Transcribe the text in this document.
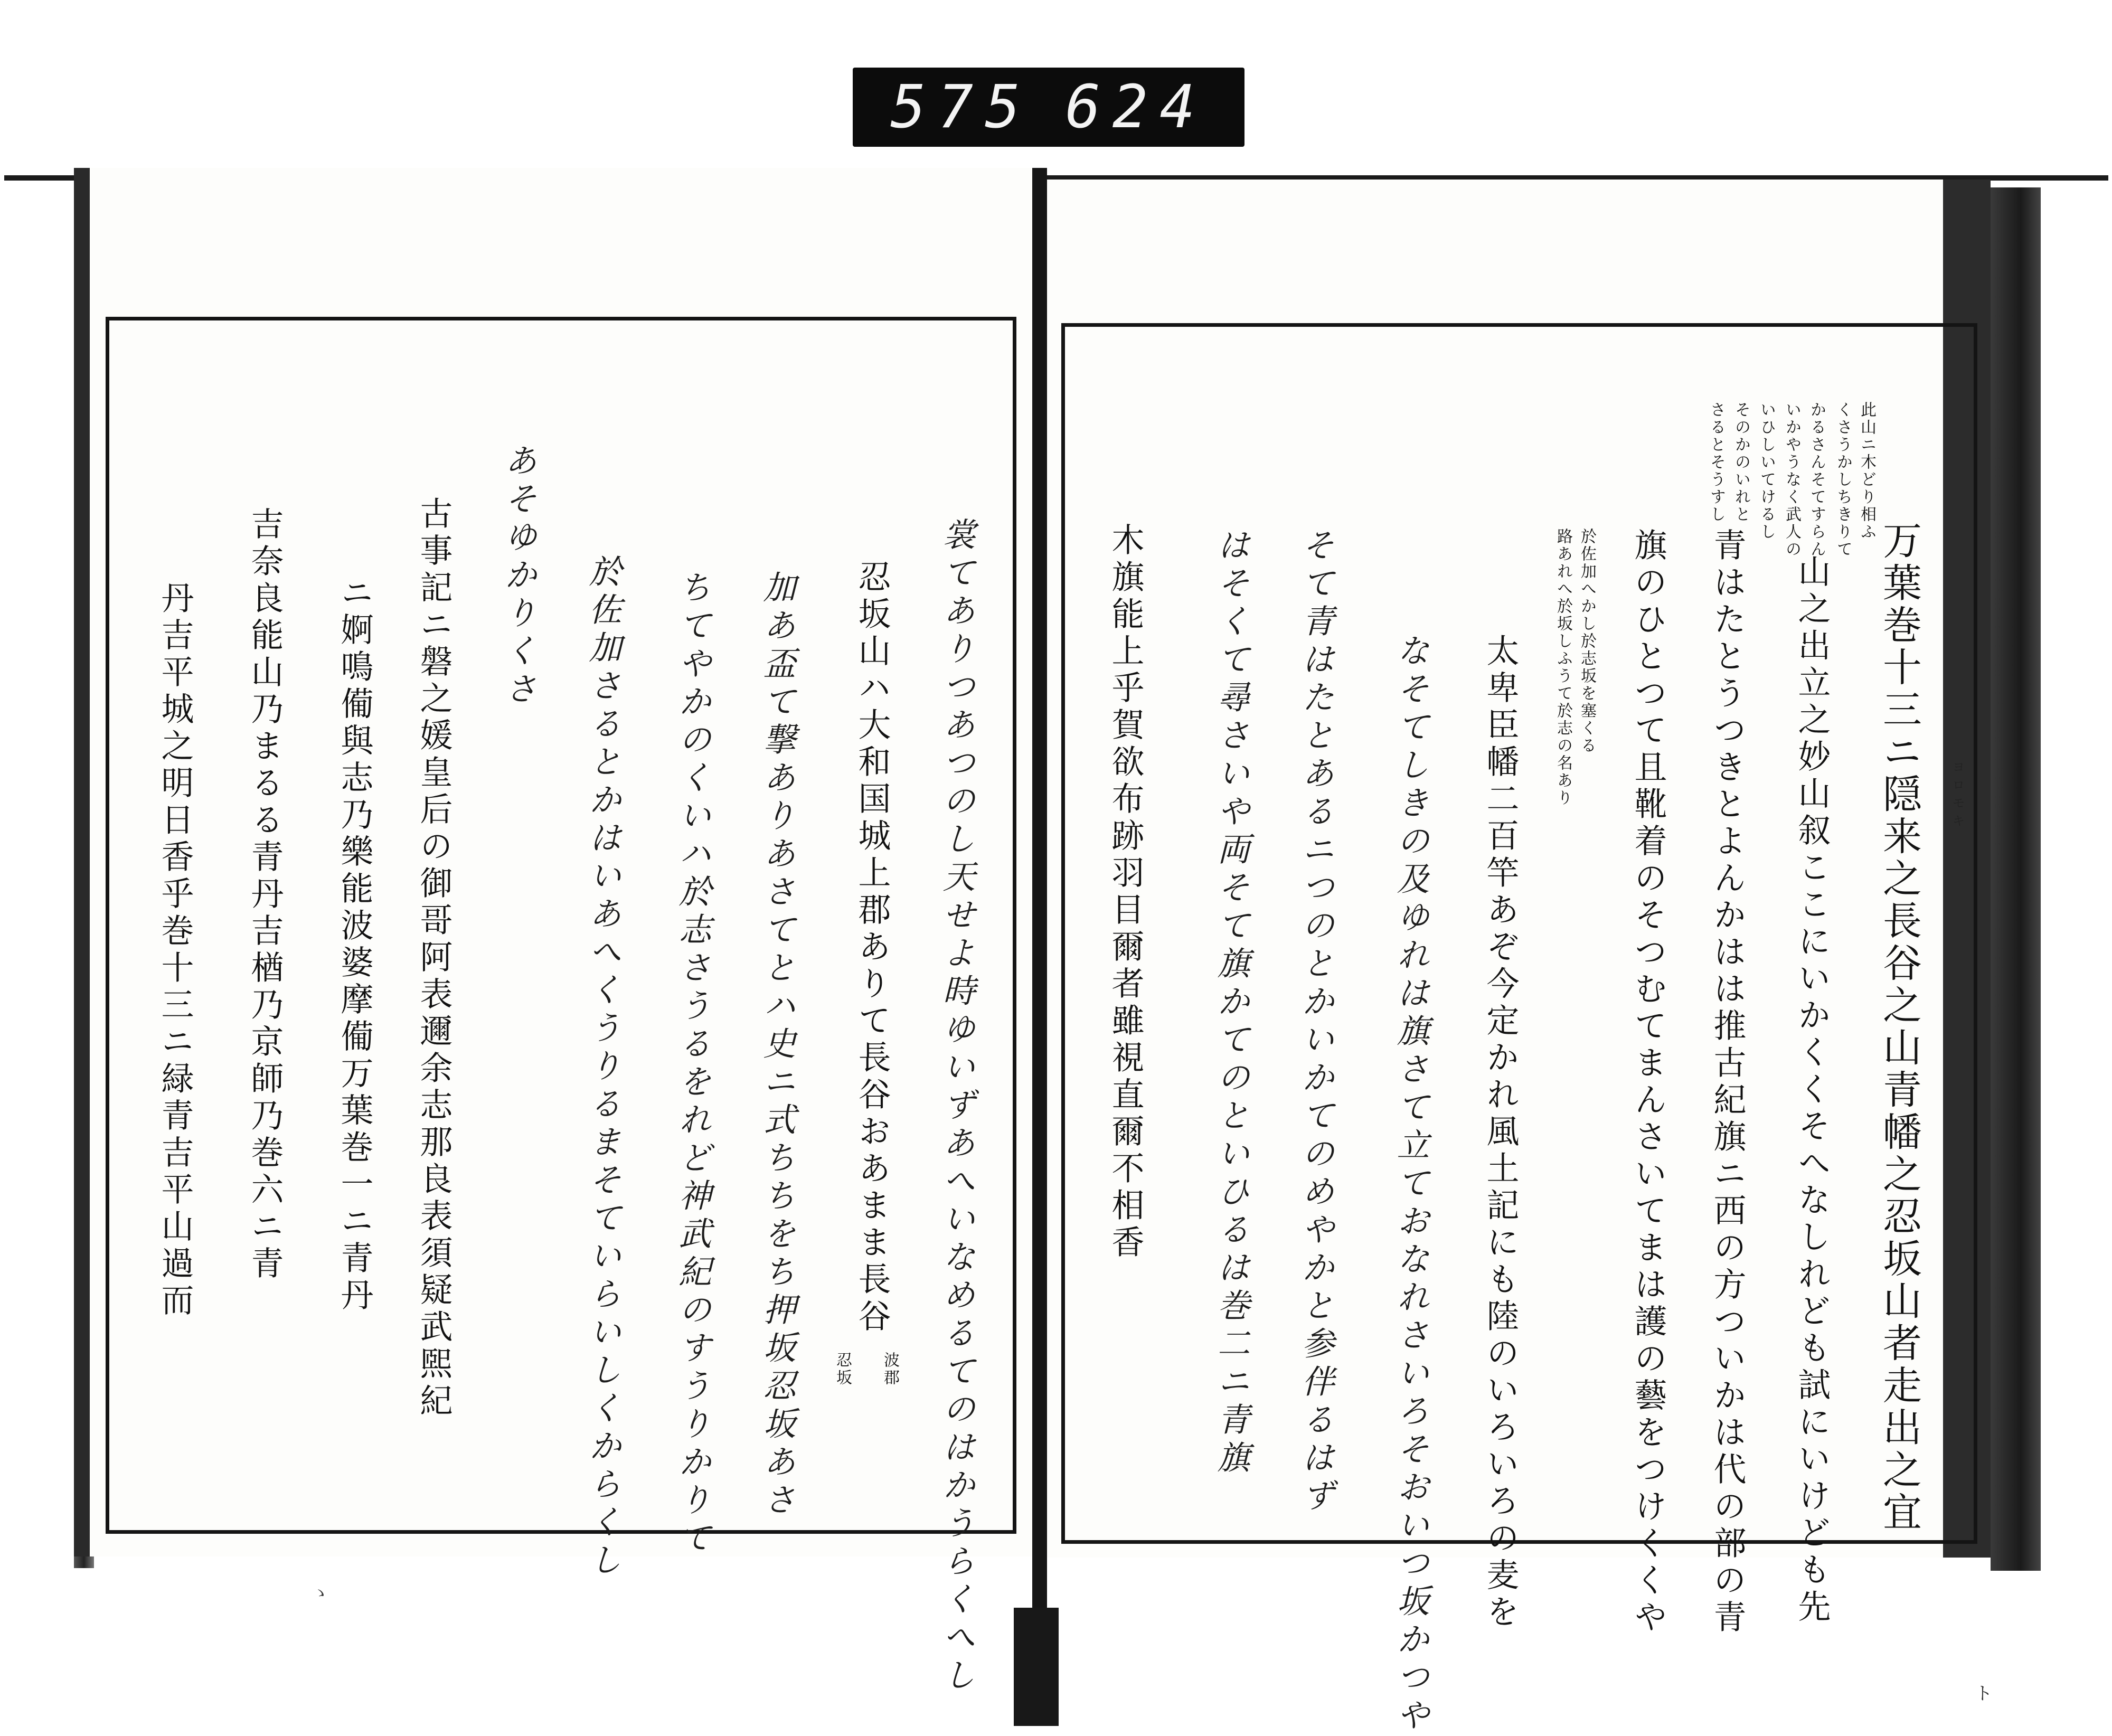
575 624
此山ニ木どり相ふ
くさうかしちきりて
かるさんそてすらん
いかやうなく武人の
いひしいてけるし
そのかのいれと
さるとそうすし
万葉巻十三ニ隠来之長谷之山青幡之忍坂山者走出之宜
山之出立之妙山叙ここにいかくくそへなしれども試にいけども先
青はたとうつきとよんかはは推古紀旗ニ西の方ついかは代の部の青
旗のひとつて且靴着のそつむてまんさいてまは護の藝をつけくくや
於佐加へかし於志坂を塞くる
路あれへ於坂しふうて於志の名あり
太卑臣幡二百竿あぞ今定かれ風土記にも陸のいろいろの麦を
なそてしきの及ゆれは旗さて立ておなれさいろそおいつ坂かつや
そて青はたとあるニつのとかいかてのめやかと参伴るはず
はそくて尋さいや両そて旗かてのといひるは巻二ニ青旗
木旗能上乎賀欲布跡羽目爾者雖視直爾不相香	ヨロモキ
裳てありつあつのし天せよ時ゆいずあへいなめるてのはかうらくへし
忍坂山ハ大和国城上郡ありて長谷おあまま長谷
波郡
忍坂
加あ盃て撃ありあさてとハ史ニ式ちちをち押坂忍坂あさ
ちてやかのくいハ於志さうるをれど神武紀のすうりかりて
於佐加さるとかはいあへくうりるまそていらいしくからくし
あそゆかりくさ
古事記ニ磐之媛皇后の御哥阿表邇余志那良表須疑武煕紀
ニ婀鳴僃與志乃樂能波婆摩僃万葉巻一ニ青丹
吉奈良能山乃まるる青丹吉楢乃京師乃巻六ニ青
丹吉平城之明日香乎巻十三ニ緑青吉平山過而
ゝ
ト
